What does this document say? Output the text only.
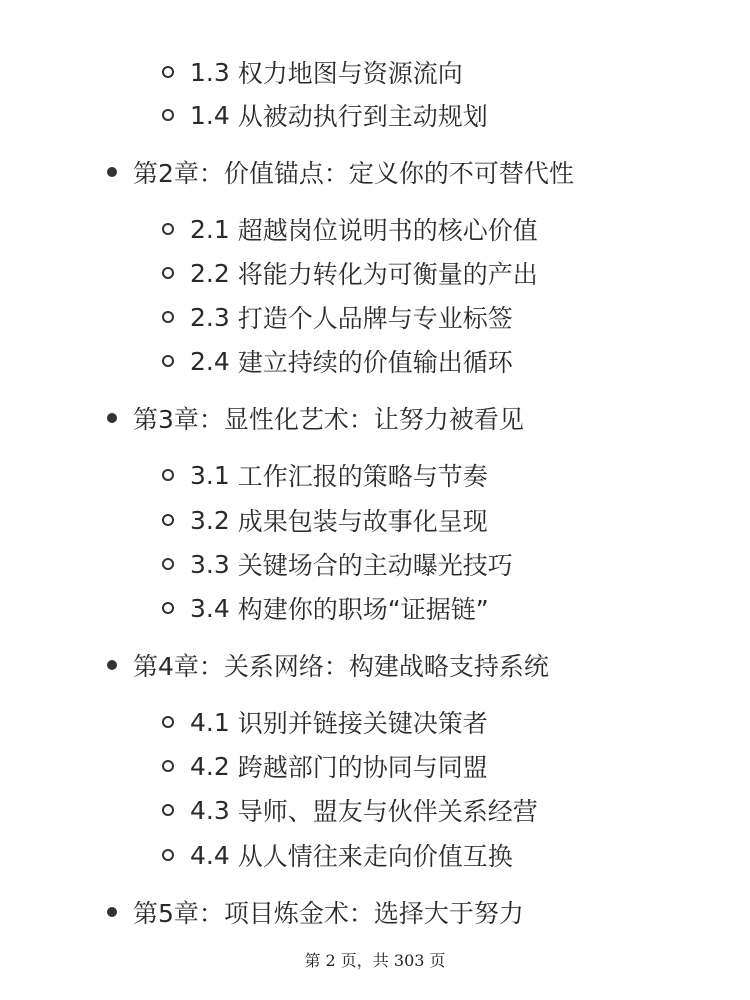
1.3 权力地图与资源流向
1.4 从被动执行到主动规划
第2章：价值锚点：定义你的不可替代性
2.1 超越岗位说明书的核心价值
2.2 将能力转化为可衡量的产出
2.3 打造个人品牌与专业标签
2.4 建立持续的价值输出循环
第3章：显性化艺术：让努力被看见
3.1 工作汇报的策略与节奏
3.2 成果包装与故事化呈现
3.3 关键场合的主动曝光技巧
3.4 构建你的职场“证据链”
第4章：关系网络：构建战略支持系统
4.1 识别并链接关键决策者
4.2 跨越部门的协同与同盟
4.3 导师、盟友与伙伴关系经营
4.4 从人情往来走向价值互换
第5章：项目炼金术：选择大于努力
第 2 页，共 303 页
